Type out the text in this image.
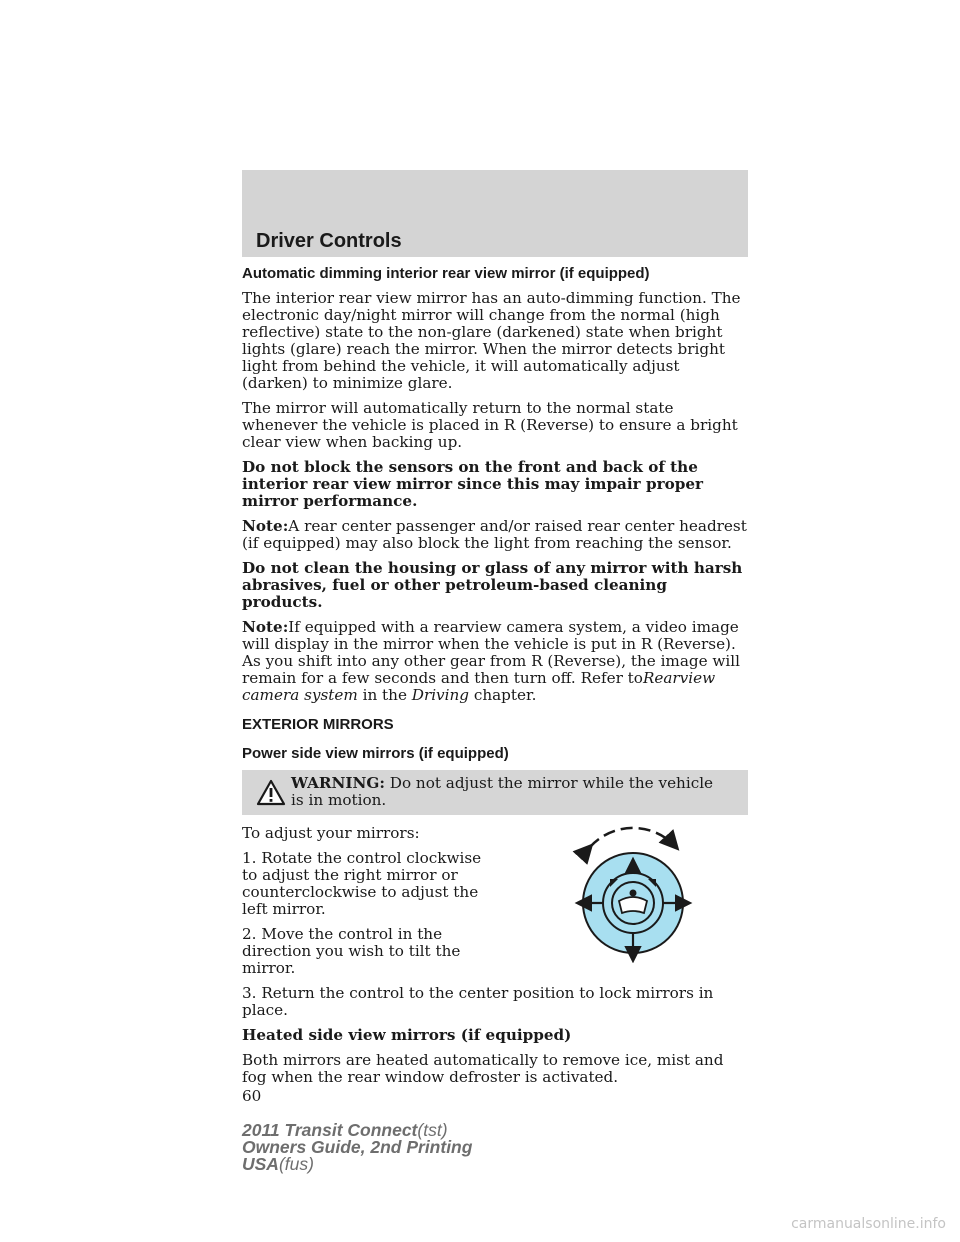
Driver Controls
Automatic dimming interior rear view mirror (if equipped)

The interior rear view mirror has an auto-dimming function. The electronic day/night mirror will change from the normal (high reflective) state to the non-glare (darkened) state when bright lights (glare) reach the mirror. When the mirror detects bright light from behind the vehicle, it will automatically adjust (darken) to minimize glare.

The mirror will automatically return to the normal state whenever the vehicle is placed in R (Reverse) to ensure a bright clear view when backing up.

Do not block the sensors on the front and back of the interior rear view mirror since this may impair proper mirror performance.

Note:A rear center passenger and/or raised rear center headrest (if equipped) may also block the light from reaching the sensor.

Do not clean the housing or glass of any mirror with harsh abrasives, fuel or other petroleum-based cleaning products.

Note:If equipped with a rearview camera system, a video image will display in the mirror when the vehicle is put in R (Reverse). As you shift into any other gear from R (Reverse), the image will remain for a few seconds and then turn off. Refer toRearview camera system in the Driving chapter.

EXTERIOR MIRRORS
Power side view mirrors (if equipped)
WARNING: Do not adjust the mirror while the vehicle is in motion.

To adjust your mirrors:

1. Rotate the control clockwise to adjust the right mirror or counterclockwise to adjust the left mirror.

2. Move the control in the direction you wish to tilt the mirror.

3. Return the control to the center position to lock mirrors in place.

Heated side view mirrors (if equipped)

Both mirrors are heated automatically to remove ice, mist and fog when the rear window defroster is activated.

60
2011 Transit Connect(tst)
Owners Guide, 2nd Printing
USA(fus)
carmanualsonline.info
